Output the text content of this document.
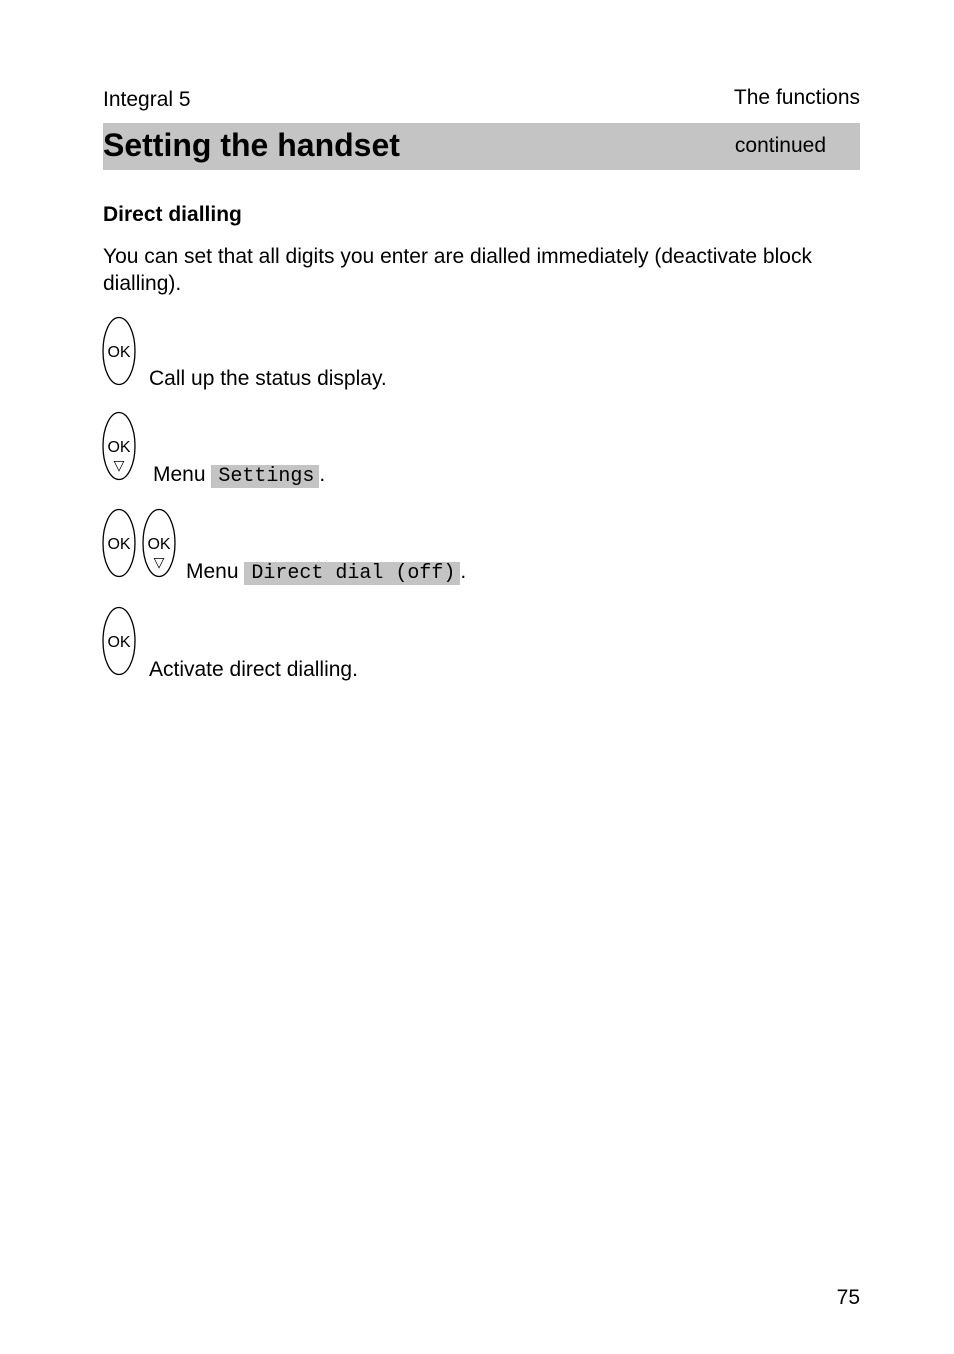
Integral 5	The functions
Setting the handset	continued
Direct dialling
You can set that all digits you enter are dialled immediately (deactivate block dialling).
OK
Call up the status display.
OK
▽ Menu Settings .
OK OK
▽ Menu Direct dial (off) .
OK
Activate direct dialling.
75
